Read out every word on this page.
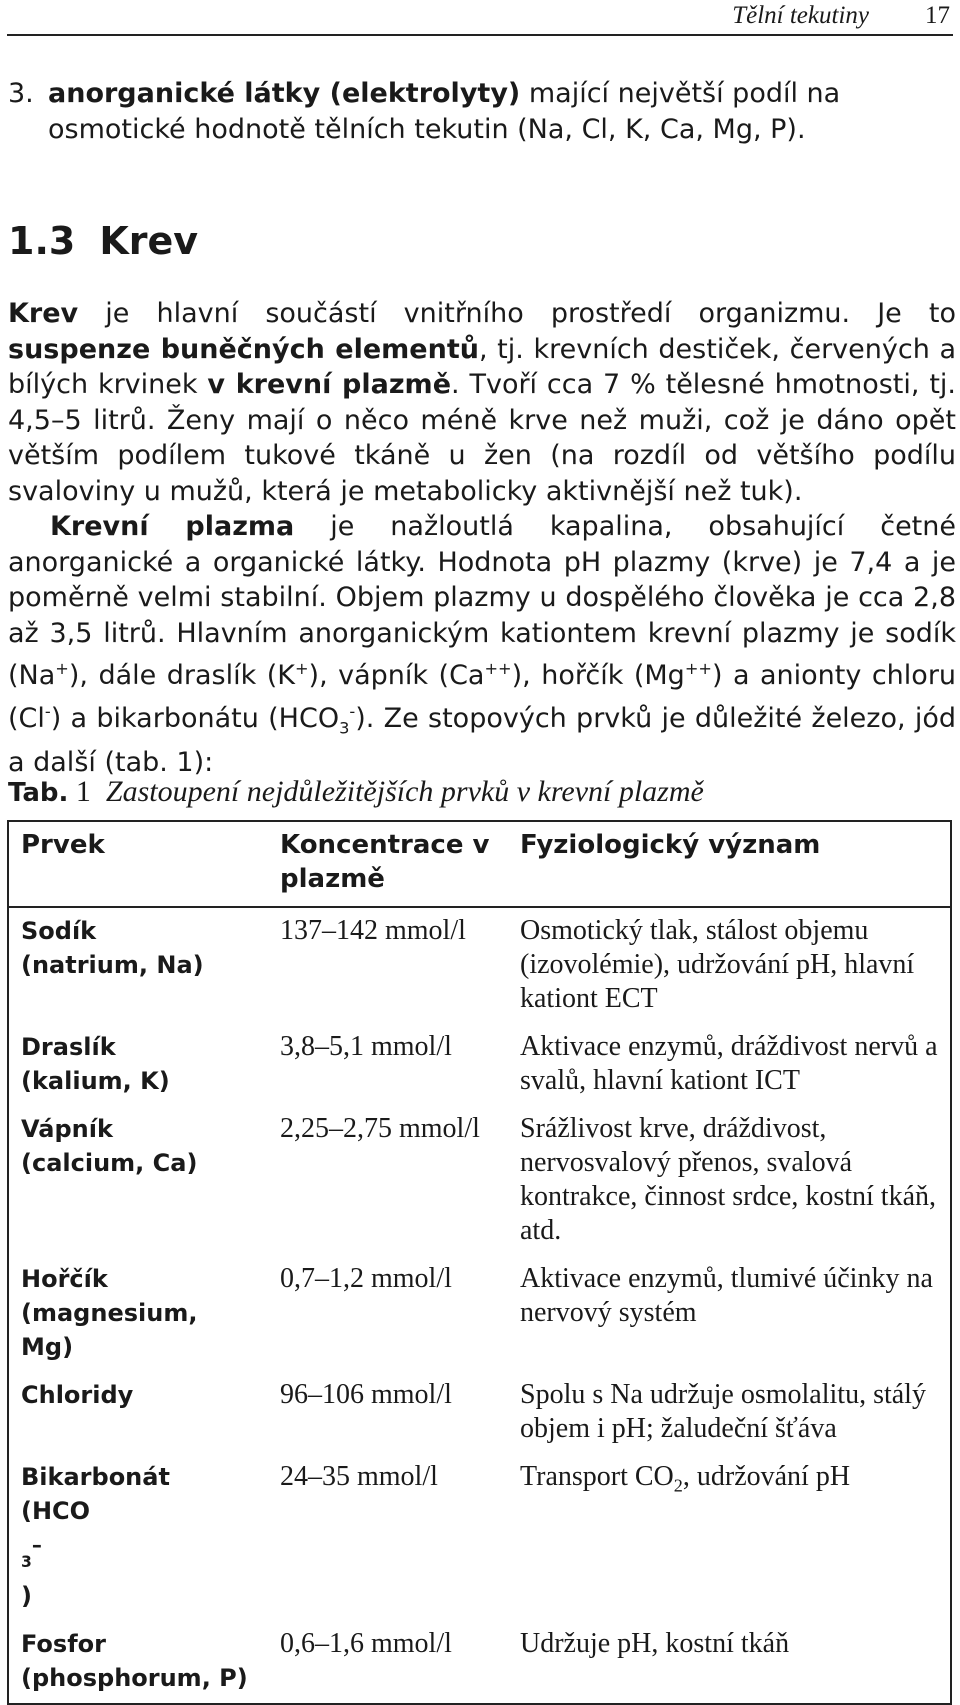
Tělní tekutiny 17
3. anorganické látky (elektrolyty) mající největší podíl na osmotické hodnotě tělních tekutin (Na, Cl, K, Ca, Mg, P).
1.3 Krev

Krev je hlavní součástí vnitřního prostředí organizmu. Je to suspenze buněčných elementů, tj. krevních destiček, červených a bílých krvinek v krevní plazmě. Tvoří cca 7 % tělesné hmotnosti, tj. 4,5–5 litrů. Ženy mají o něco méně krve než muži, což je dáno opět větším podílem tukové tkáně u žen (na rozdíl od většího podílu svaloviny u mužů, která je metabolicky aktivnější než tuk).

Krevní plazma je nažloutlá kapalina, obsahující četné anorganické a organické látky. Hodnota pH plazmy (krve) je 7,4 a je poměrně velmi stabilní. Objem plazmy u dospělého člověka je cca 2,8 až 3,5 litrů. Hlavním anorganickým kationtem krevní plazmy je sodík (Na+), dále draslík (K+), vápník (Ca++), hořčík (Mg++) a anionty chloru (Cl-) a bikarbonátu $(HCO_3^-)$. Ze stopových prvků je důležité železo, jód a další (tab. 1):

Tab. 1 Zastoupení nejdůležitějších prvků v krevní plazmě
Prvek	Koncentrace v plazmě	Fyziologický význam

Sodík
(natrium, Na)	137–142 mmol/l	Osmotický tlak, stálost objemu (izovolémie), udržování pH, hlavní kationt ECT

Draslík
(kalium, K)	3,8–5,1 mmol/l	Aktivace enzymů, dráždivost nervů a svalů, hlavní kationt ICT

Vápník
(calcium, Ca)	2,25–2,75 mmol/l	Srážlivost krve, dráždivost, nervosvalový přenos, svalová kontrakce, činnost srdce, kostní tkáň, atd.

Hořčík
(magnesium, Mg)	0,7–1,2 mmol/l	Aktivace enzymů, tlumivé účinky na nervový systém

Chloridy	96–106 mmol/l	Spolu s Na udržuje osmolalitu, stálý objem i pH; žaludeční šťáva

Bikarbonát
(HCO
$_3$–
)	24–35 mmol/l	Transport $CO_2$, udržování pH

Fosfor
(phosphorum, P)	0,6–1,6 mmol/l	Udržuje pH, kostní tkáň
